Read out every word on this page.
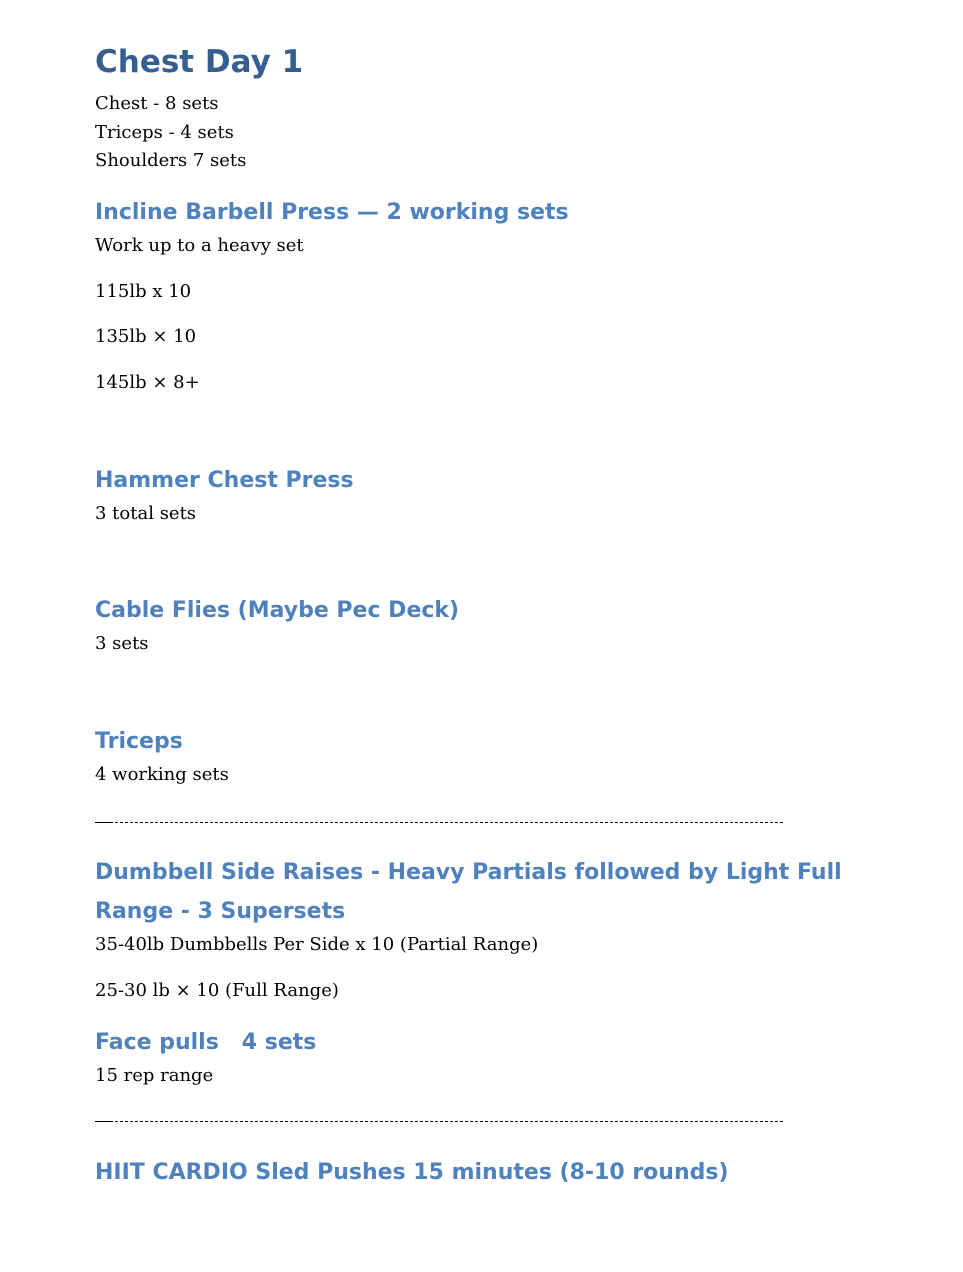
Chest Day 1

Chest - 8 sets

Triceps - 4 sets

Shoulders 7 sets

Incline Barbell Press — 2 working sets

Work up to a heavy set

115lb x 10

135lb × 10

145lb × 8+

Hammer Chest Press

3 total sets

Cable Flies (Maybe Pec Deck)

3 sets

Triceps

4 working sets

Dumbbell Side Raises - Heavy Partials followed by Light Full
Range - 3 Supersets

35-40lb Dumbbells Per Side x 10 (Partial Range)

25-30 lb × 10 (Full Range)

Face pulls   4 sets

15 rep range

HIIT CARDIO Sled Pushes 15 minutes (8-10 rounds)
